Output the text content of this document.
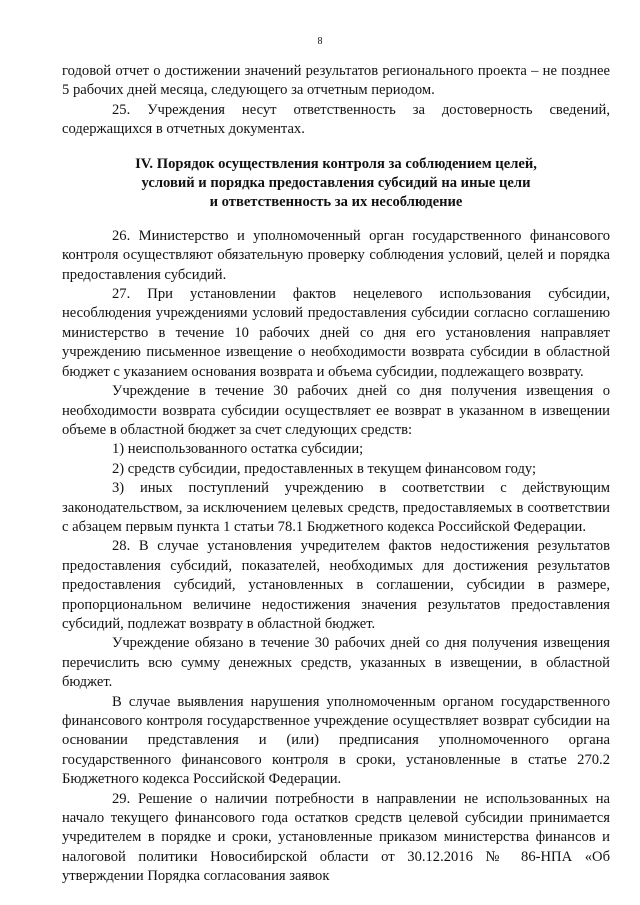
8

годовой отчет о достижении значений результатов регионального проекта – не позднее 5 рабочих дней месяца, следующего за отчетным периодом.

25. Учреждения несут ответственность за достоверность сведений, содержащихся в отчетных документах.

IV. Порядок осуществления контроля за соблюдением целей,
условий и порядка предоставления субсидий на иные цели
и ответственность за их несоблюдение

26. Министерство и уполномоченный орган государственного финансового контроля осуществляют обязательную проверку соблюдения условий, целей и порядка предоставления субсидий.

27. При установлении фактов нецелевого использования субсидии, несоблюдения учреждениями условий предоставления субсидии согласно соглашению министерство в течение 10 рабочих дней со дня его установления направляет учреждению письменное извещение о необходимости возврата субсидии в областной бюджет с указанием основания возврата и объема субсидии, подлежащего возврату.

Учреждение в течение 30 рабочих дней со дня получения извещения о необходимости возврата субсидии осуществляет ее возврат в указанном в извещении объеме в областной бюджет за счет следующих средств:

1) неиспользованного остатка субсидии;

2) средств субсидии, предоставленных в текущем финансовом году;

3) иных поступлений учреждению в соответствии с действующим законодательством, за исключением целевых средств, предоставляемых в соответствии с абзацем первым пункта 1 статьи 78.1 Бюджетного кодекса Российской Федерации.

28. В случае установления учредителем фактов недостижения результатов предоставления субсидий, показателей, необходимых для достижения результатов предоставления субсидий, установленных в соглашении, субсидии в размере, пропорциональном величине недостижения значения результатов предоставления субсидий, подлежат возврату в областной бюджет.

Учреждение обязано в течение 30 рабочих дней со дня получения извещения перечислить всю сумму денежных средств, указанных в извещении, в областной бюджет.

В случае выявления нарушения уполномоченным органом государственного финансового контроля государственное учреждение осуществляет возврат субсидии на основании представления и (или) предписания уполномоченного органа государственного финансового контроля в сроки, установленные в статье 270.2 Бюджетного кодекса Российской Федерации.

29. Решение о наличии потребности в направлении не использованных на начало текущего финансового года остатков средств целевой субсидии принимается учредителем в порядке и сроки, установленные приказом министерства финансов и налоговой политики Новосибирской области от 30.12.2016 № 86-НПА «Об утверждении Порядка согласования заявок
